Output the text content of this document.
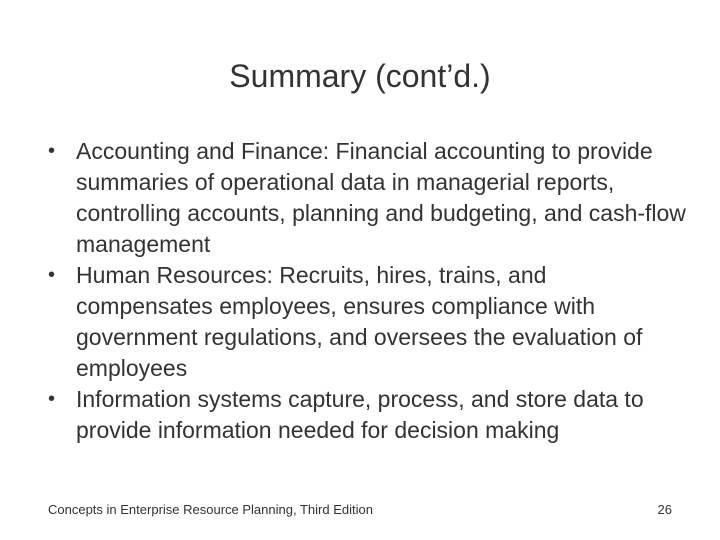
Summary (cont’d.)
• Accounting and Finance: Financial accounting to provide summaries of operational data in managerial reports, controlling accounts, planning and budgeting, and cash-flow management
• Human Resources: Recruits, hires, trains, and compensates employees, ensures compliance with government regulations, and oversees the evaluation of employees
• Information systems capture, process, and store data to provide information needed for decision making
Concepts in Enterprise Resource Planning, Third Edition	26
